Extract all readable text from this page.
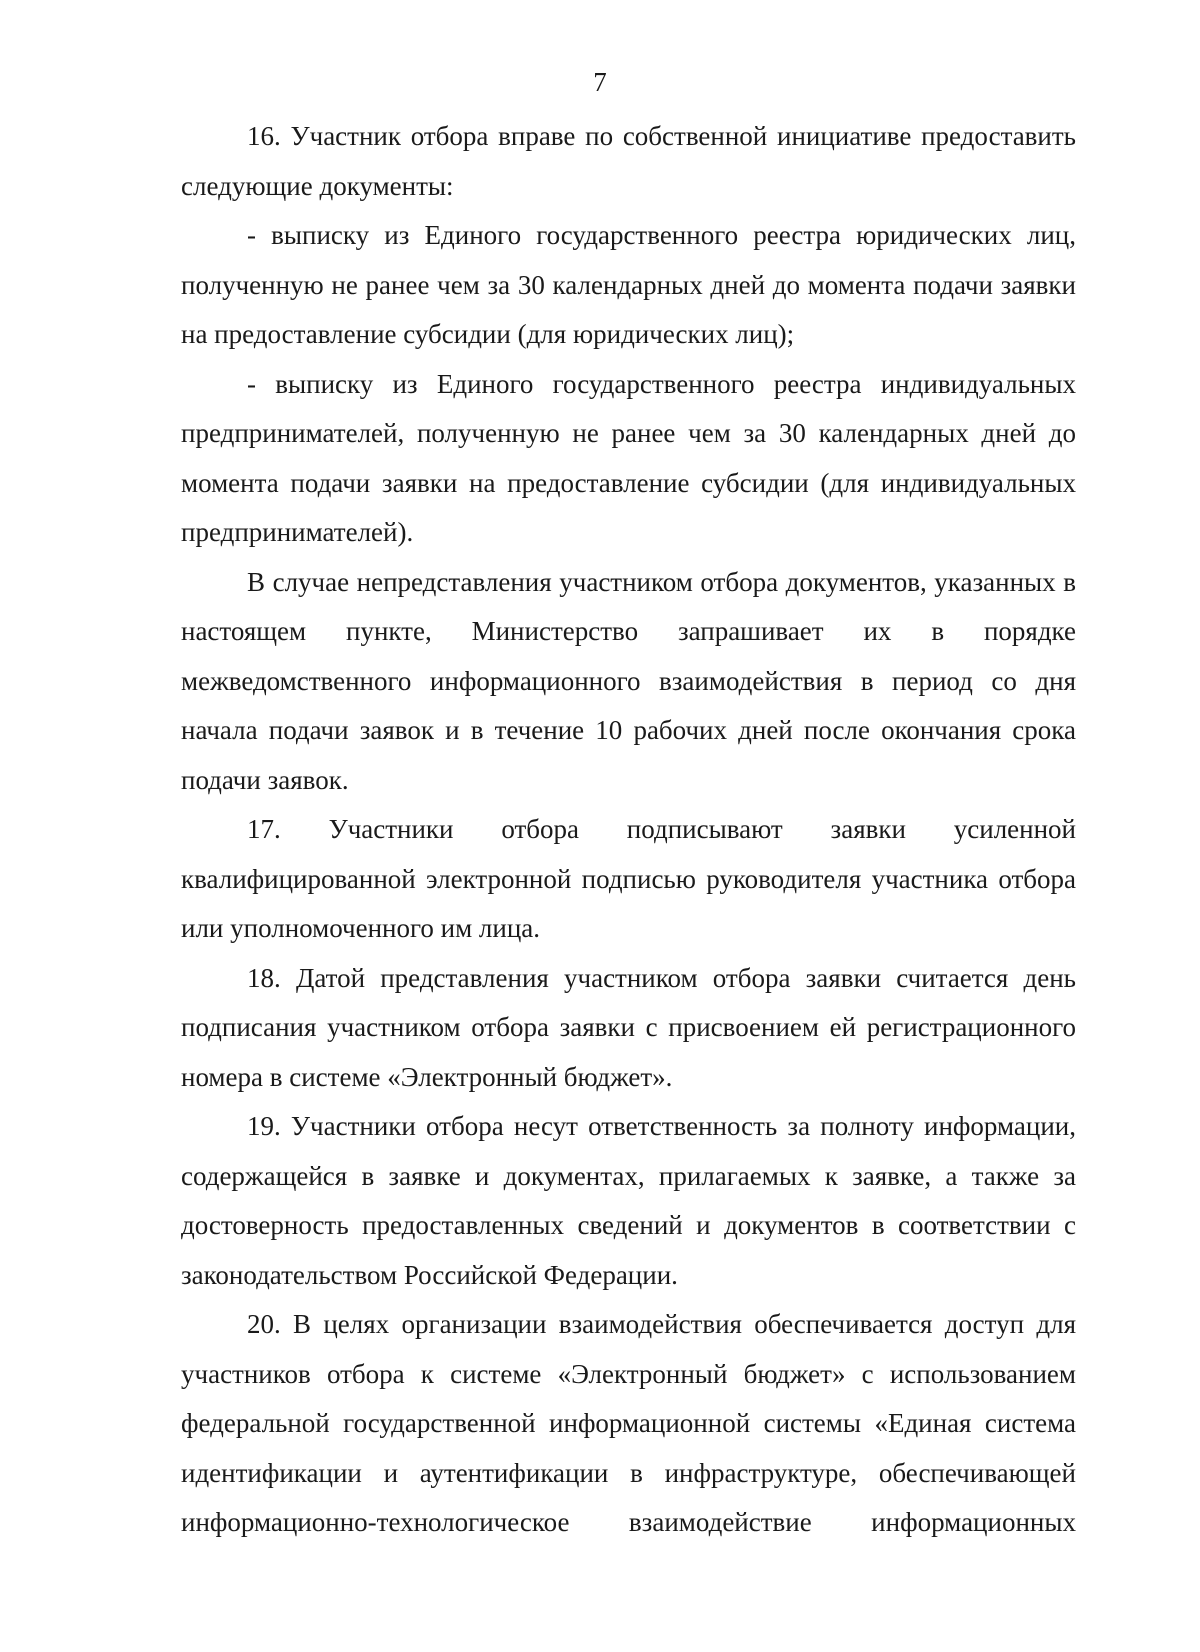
7

16. Участник отбора вправе по собственной инициативе предоставить следующие документы:

- выписку из Единого государственного реестра юридических лиц, полученную не ранее чем за 30 календарных дней до момента подачи заявки на предоставление субсидии (для юридических лиц);

- выписку из Единого государственного реестра индивидуальных предпринимателей, полученную не ранее чем за 30 календарных дней до момента подачи заявки на предоставление субсидии (для индивидуальных предпринимателей).

В случае непредставления участником отбора документов, указанных в настоящем пункте, Министерство запрашивает их в порядке межведомственного информационного взаимодействия в период со дня начала подачи заявок и в течение 10 рабочих дней после окончания срока подачи заявок.

17. Участники отбора подписывают заявки усиленной квалифицированной электронной подписью руководителя участника отбора или уполномоченного им лица.

18. Датой представления участником отбора заявки считается день подписания участником отбора заявки с присвоением ей регистрационного номера в системе «Электронный бюджет».

19. Участники отбора несут ответственность за полноту информации, содержащейся в заявке и документах, прилагаемых к заявке, а также за достоверность предоставленных сведений и документов в соответствии с законодательством Российской Федерации.

20. В целях организации взаимодействия обеспечивается доступ для участников отбора к системе «Электронный бюджет» с использованием федеральной государственной информационной системы «Единая система идентификации и аутентификации в инфраструктуре, обеспечивающей информационно-технологическое взаимодействие информационных
